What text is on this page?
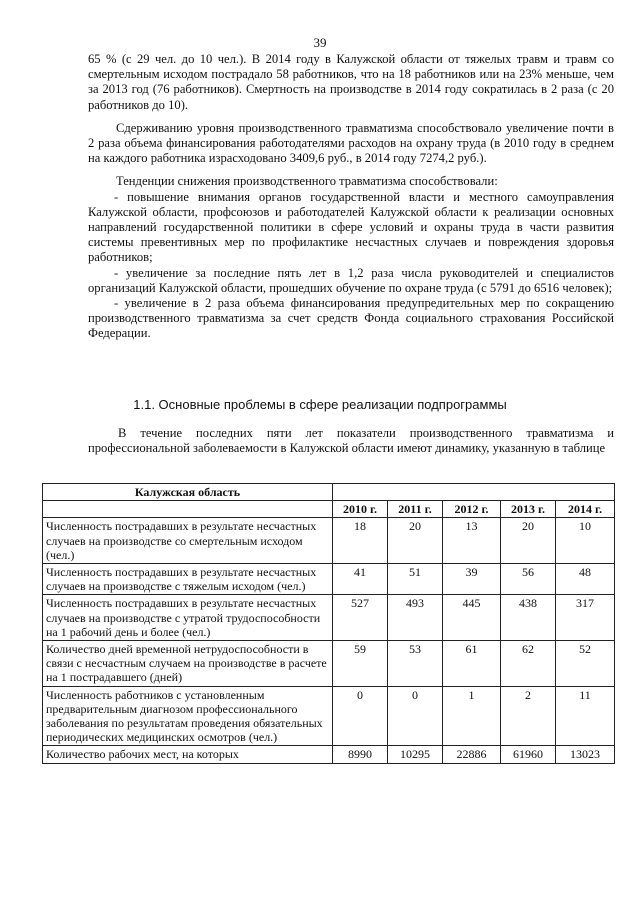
39

65 % (с 29 чел. до 10 чел.). В 2014 году в Калужской области от тяжелых травм и травм со смертельным исходом пострадало 58 работников, что на 18 работников или на 23% меньше, чем за 2013 год (76 работников). Смертность на производстве в 2014 году сократилась в 2 раза (с 20 работников до 10).

Сдерживанию уровня производственного травматизма способствовало увеличение почти в 2 раза объема финансирования работодателями расходов на охрану труда (в 2010 году в среднем на каждого работника израсходовано 3409,6 руб., в 2014 году 7274,2 руб.).

Тенденции снижения производственного травматизма способствовали:

- повышение внимания органов государственной власти и местного самоуправления Калужской области, профсоюзов и работодателей Калужской области к реализации основных направлений государственной политики в сфере условий и охраны труда в части развития системы превентивных мер по профилактике несчастных случаев и повреждения здоровья работников;

- увеличение за последние пять лет в 1,2 раза числа руководителей и специалистов организаций Калужской области, прошедших обучение по охране труда (с 5791 до 6516 человек);

- увеличение в 2 раза объема финансирования предупредительных мер по сокращению производственного травматизма за счет средств Фонда социального страхования Российской Федерации.

1.1. Основные проблемы в сфере реализации подпрограммы

В течение последних пяти лет показатели производственного травматизма и профессиональной заболеваемости в Калужской области имеют динамику, указанную в таблице

Калужская область					
	2010 г.	2011 г.	2012 г.	2013 г.	2014 г.
Численность пострадавших в результате несчастных случаев на производстве со смертельным исходом (чел.)	18	20	13	20	10
Численность пострадавших в результате несчастных случаев на производстве с тяжелым исходом (чел.)	41	51	39	56	48
Численность пострадавших в результате несчастных случаев на производстве с утратой трудоспособности на 1 рабочий день и более (чел.)	527	493	445	438	317
Количество дней временной нетрудоспособности в связи с несчастным случаем на производстве в расчете на 1 пострадавшего (дней)	59	53	61	62	52
Численность работников с установленным предварительным диагнозом профессионального заболевания по результатам проведения обязательных периодических медицинских осмотров (чел.)	0	0	1	2	11
Количество рабочих мест, на которых	8990	10295	22886	61960	13023
